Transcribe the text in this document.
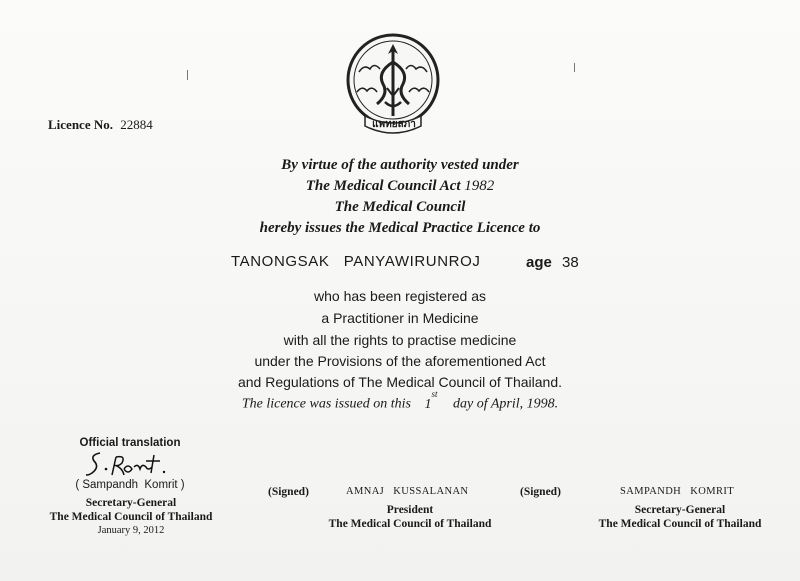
แพทยสภา
Licence No. 22884
By virtue of the authority vested under
The Medical Council Act 1982
The Medical Council
hereby issues the Medical Practice Licence to
TANONGSAK   PANYAWIRUNROJ	age 38
who has been registered as
a Practitioner in Medicine
with all the rights to practise medicine
under the Provisions of the aforementioned Act
and Regulations of The Medical Council of Thailand.
The licence was issued on this 1st day of April, 1998.
Official translation
( Sampandh  Komrit )
Secretary-General
The Medical Council of Thailand
January 9, 2012
(Signed)	AMNAJ   KUSSALANAN
President
The Medical Council of Thailand
(Signed)	SAMPANDH   KOMRIT
Secretary-General
The Medical Council of Thailand
